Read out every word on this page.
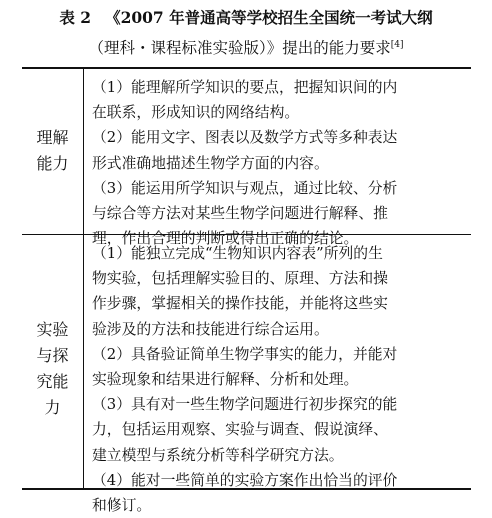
表 2 《2007 年普通高等学校招生全国统一考试大纲
（理科・课程标准实验版）》提出的能力要求[4]
理解
能力
（1）能理解所学知识的要点，把握知识间的内
在联系，形成知识的网络结构。
（2）能用文字、图表以及数学方式等多种表达
形式准确地描述生物学方面的内容。
（3）能运用所学知识与观点，通过比较、分析
与综合等方法对某些生物学问题进行解释、推
理，作出合理的判断或得出正确的结论。
实验
与探
究能
力
（1）能独立完成“生物知识内容表”所列的生
物实验，包括理解实验目的、原理、方法和操
作步骤，掌握相关的操作技能，并能将这些实
验涉及的方法和技能进行综合运用。
（2）具备验证简单生物学事实的能力，并能对
实验现象和结果进行解释、分析和处理。
（3）具有对一些生物学问题进行初步探究的能
力，包括运用观察、实验与调查、假说演绎、
建立模型与系统分析等科学研究方法。
（4）能对一些简单的实验方案作出恰当的评价
和修订。
